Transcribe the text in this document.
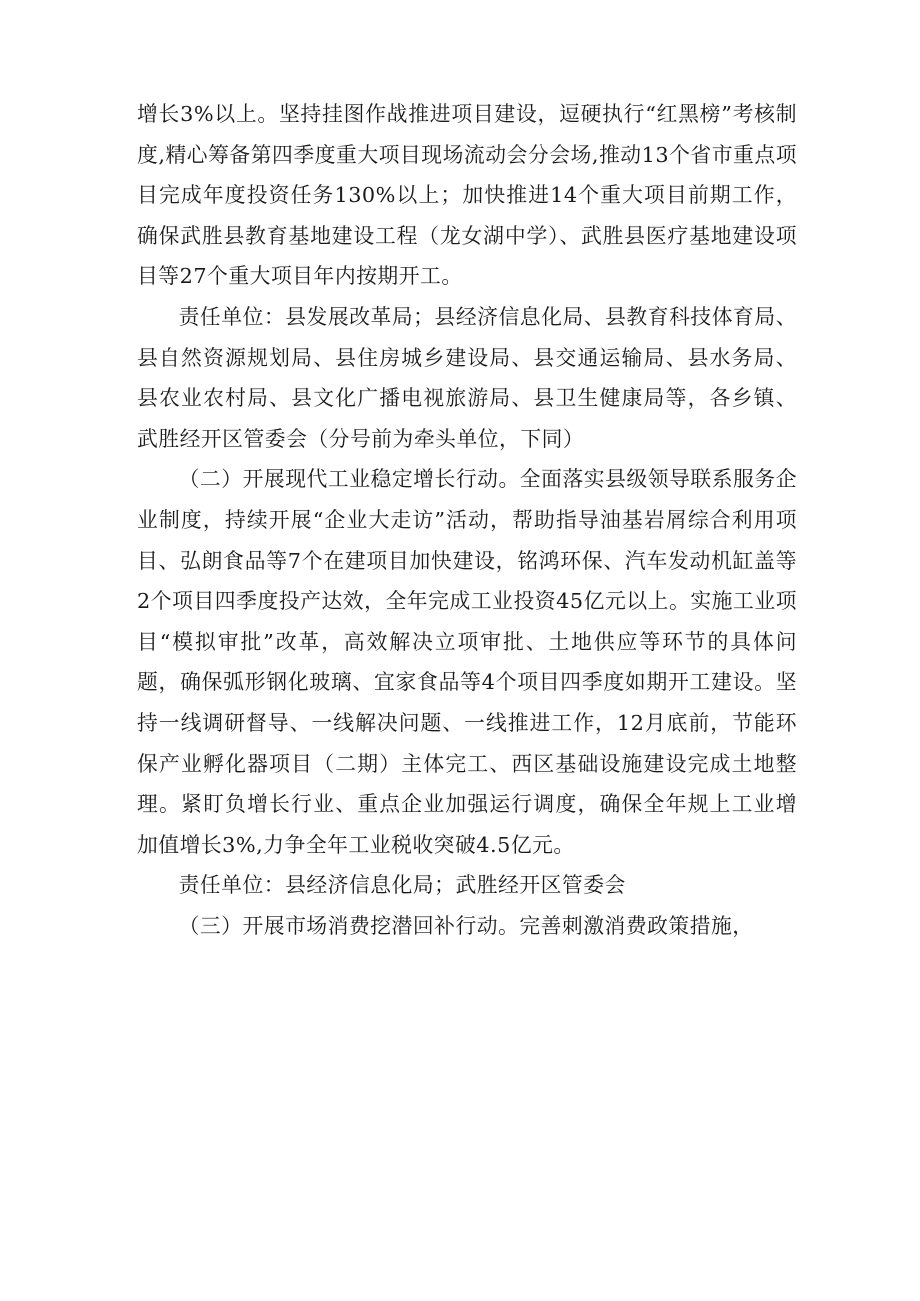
增长3%以上。坚持挂图作战推进项目建设，逗硬执行“红黑榜”考核制度,精心筹备第四季度重大项目现场流动会分会场,推动13个省市重点项目完成年度投资任务130%以上；加快推进14个重大项目前期工作，确保武胜县教育基地建设工程（龙女湖中学）、武胜县医疗基地建设项目等27个重大项目年内按期开工。

责任单位：县发展改革局；县经济信息化局、县教育科技体育局、县自然资源规划局、县住房城乡建设局、县交通运输局、县水务局、县农业农村局、县文化广播电视旅游局、县卫生健康局等，各乡镇、武胜经开区管委会（分号前为牵头单位，下同）

（二）开展现代工业稳定增长行动。全面落实县级领导联系服务企业制度，持续开展“企业大走访”活动，帮助指导油基岩屑综合利用项目、弘朗食品等7个在建项目加快建设，铭鸿环保、汽车发动机缸盖等2个项目四季度投产达效，全年完成工业投资45亿元以上。实施工业项目“模拟审批”改革，高效解决立项审批、土地供应等环节的具体问题，确保弧形钢化玻璃、宜家食品等4个项目四季度如期开工建设。坚持一线调研督导、一线解决问题、一线推进工作，12月底前，节能环保产业孵化器项目（二期）主体完工、西区基础设施建设完成土地整理。紧盯负增长行业、重点企业加强运行调度，确保全年规上工业增加值增长3%,力争全年工业税收突破4.5亿元。

责任单位：县经济信息化局；武胜经开区管委会

（三）开展市场消费挖潜回补行动。完善刺激消费政策措施，
